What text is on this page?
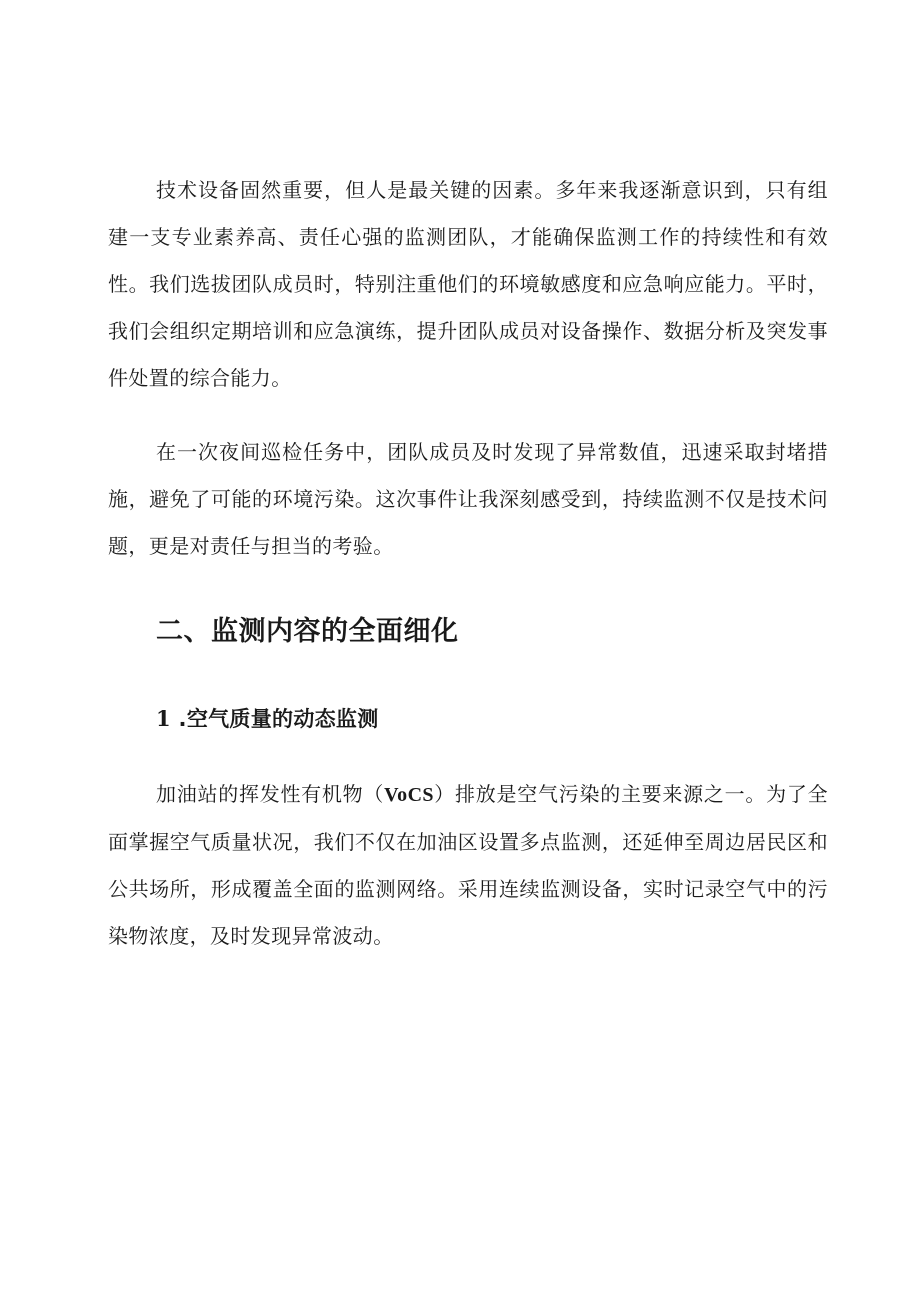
技术设备固然重要，但人是最关键的因素。多年来我逐渐意识到，只有组建一支专业素养高、责任心强的监测团队，才能确保监测工作的持续性和有效性。我们选拔团队成员时，特别注重他们的环境敏感度和应急响应能力。平时，我们会组织定期培训和应急演练，提升团队成员对设备操作、数据分析及突发事件处置的综合能力。

在一次夜间巡检任务中，团队成员及时发现了异常数值，迅速采取封堵措施，避免了可能的环境污染。这次事件让我深刻感受到，持续监测不仅是技术问题，更是对责任与担当的考验。

二、监测内容的全面细化
1 .空气质量的动态监测

加油站的挥发性有机物（VoCS）排放是空气污染的主要来源之一。为了全面掌握空气质量状况，我们不仅在加油区设置多点监测，还延伸至周边居民区和公共场所，形成覆盖全面的监测网络。采用连续监测设备，实时记录空气中的污染物浓度，及时发现异常波动。
